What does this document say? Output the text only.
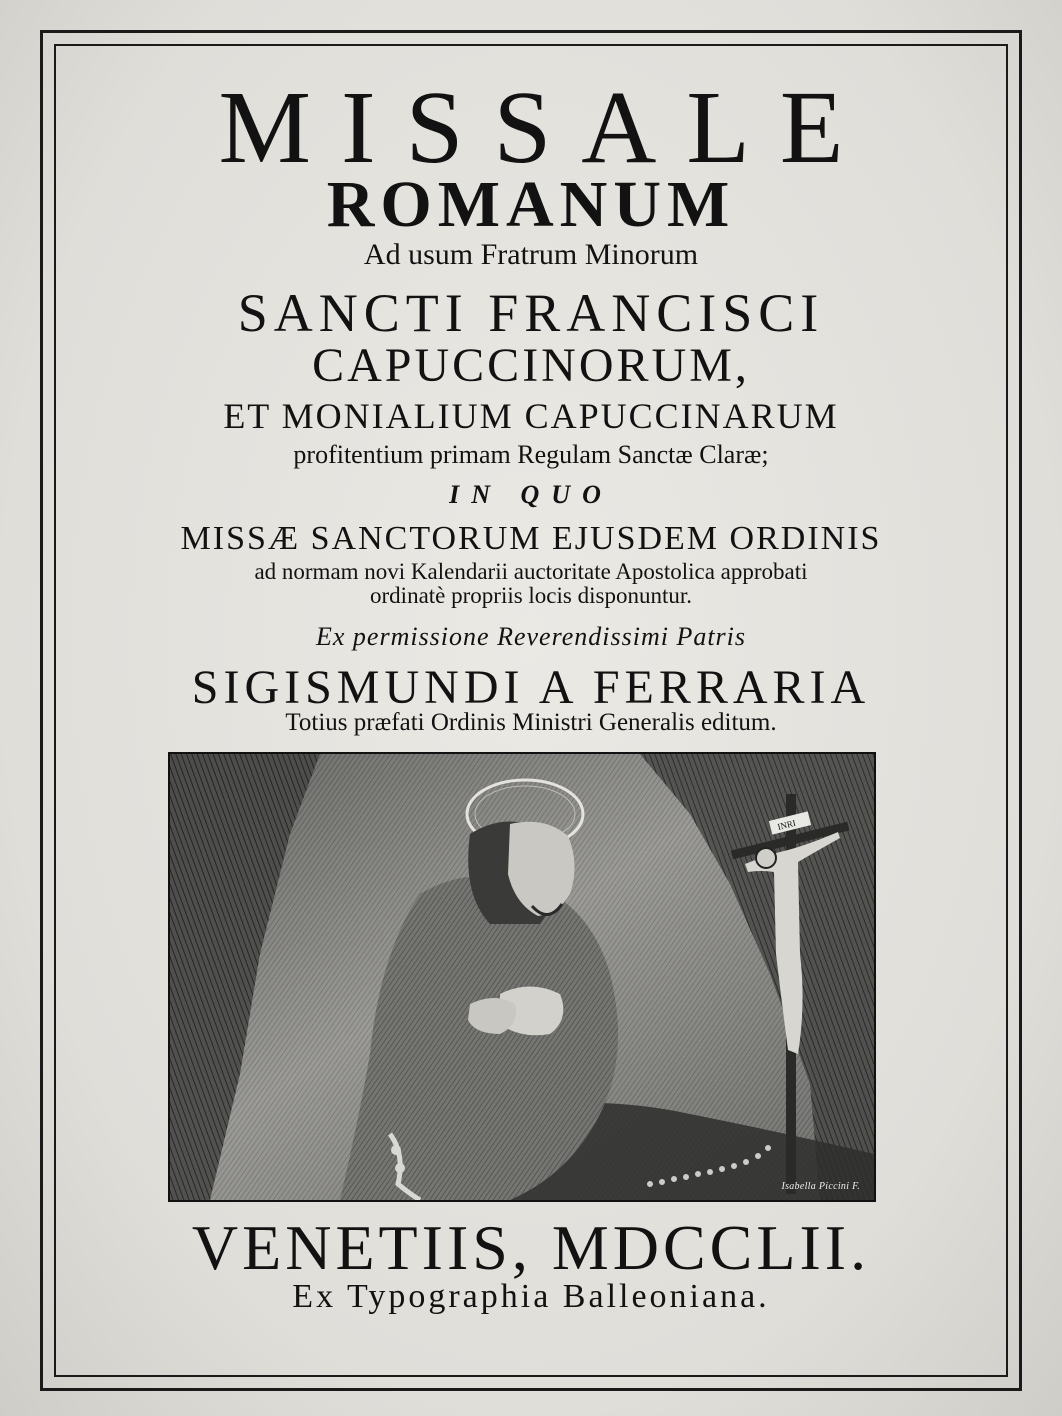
MISSALE
ROMANUM
Ad usum Fratrum Minorum
SANCTI FRANCISCI
CAPUCCINORUM,
ET MONIALIUM CAPUCCINARUM
profitentium primam Regulam Sanctæ Claræ;
IN QUO
MISSÆ SANCTORUM EJUSDEM ORDINIS
ad normam novi Kalendarii auctoritate Apostolica approbati
ordinatè propriis locis disponuntur.
Ex permissione Reverendissimi Patris
SIGISMUNDI A FERRARIA
Totius præfati Ordinis Ministri Generalis editum.
INRI
Isabella Piccini F.
VENETIIS, MDCCLII.
Ex Typographia Balleoniana.
